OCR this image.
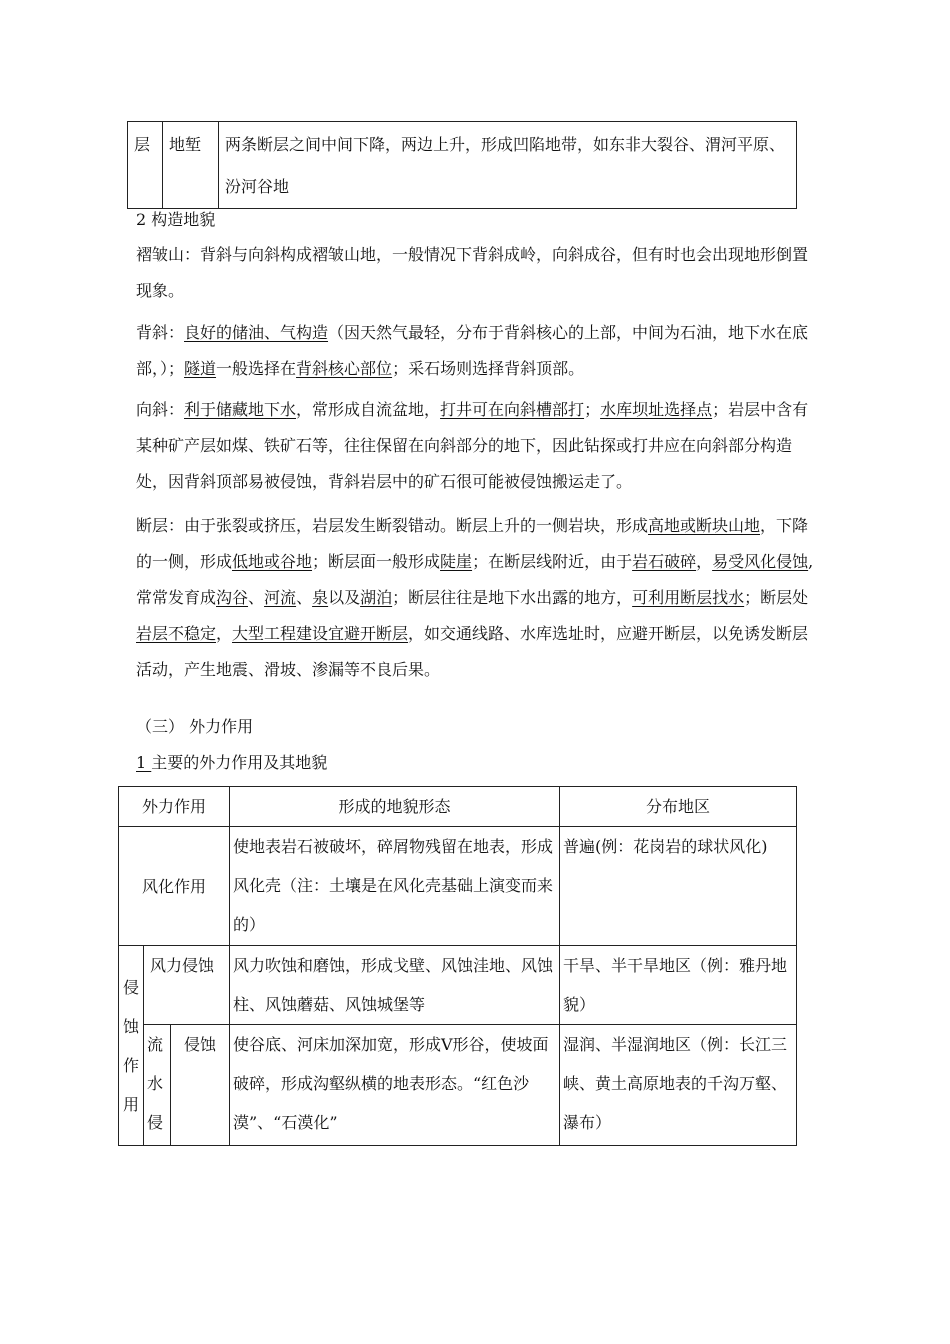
层	地堑	两条断层之间中间下降，两边上升，形成凹陷地带，如东非大裂谷、渭河平原、汾河谷地

2 构造地貌

褶皱山：背斜与向斜构成褶皱山地，一般情况下背斜成岭，向斜成谷，但有时也会出现地形倒置现象。

背斜：良好的储油、气构造（因天然气最轻，分布于背斜核心的上部，中间为石油，地下水在底部，）；隧道一般选择在背斜核心部位；采石场则选择背斜顶部。

向斜：利于储藏地下水，常形成自流盆地，打井可在向斜槽部打；水库坝址选择点；岩层中含有某种矿产层如煤、铁矿石等，往往保留在向斜部分的地下，因此钻探或打井应在向斜部分构造处，因背斜顶部易被侵蚀，背斜岩层中的矿石很可能被侵蚀搬运走了。

断层：由于张裂或挤压，岩层发生断裂错动。断层上升的一侧岩块，形成高地或断块山地，下降的一侧，形成低地或谷地；断层面一般形成陡崖；在断层线附近，由于岩石破碎，易受风化侵蚀,常常发育成沟谷、河流、泉以及湖泊；断层往往是地下水出露的地方，可利用断层找水；断层处岩层不稳定，大型工程建设宜避开断层，如交通线路、水库选址时，应避开断层，以免诱发断层活动，产生地震、滑坡、渗漏等不良后果。

（三） 外力作用

1 主要的外力作用及其地貌

外力作用			形成的地貌形态	分布地区
风化作用			使地表岩石被破坏，碎屑物残留在地表，形成风化壳（注：土壤是在风化壳基础上演变而来的）	普遍(例：花岗岩的球状风化)

侵蚀作用	风力侵蚀		风力吹蚀和磨蚀，形成戈壁、风蚀洼地、风蚀柱、风蚀蘑菇、风蚀城堡等	干旱、半干旱地区（例：雅丹地貌）

	流水侵	侵蚀	使谷底、河床加深加宽，形成V形谷，使坡面破碎，形成沟壑纵横的地表形态。“红色沙漠”、“石漠化”	湿润、半湿润地区（例：长江三峡、黄土高原地表的千沟万壑、瀑布）
